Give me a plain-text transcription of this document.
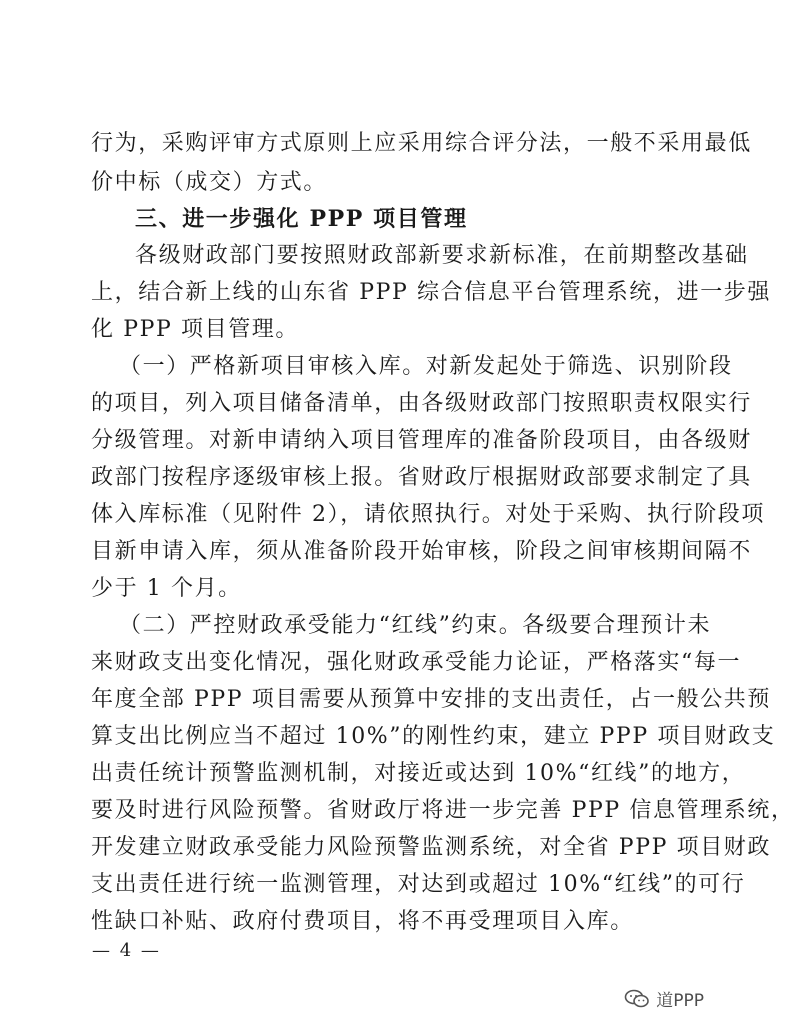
行为，采购评审方式原则上应采用综合评分法，一般不采用最低
价中标（成交）方式。
三、进一步强化 PPP 项目管理
各级财政部门要按照财政部新要求新标准，在前期整改基础
上，结合新上线的山东省 PPP 综合信息平台管理系统，进一步强
化 PPP 项目管理。
（一）严格新项目审核入库。对新发起处于筛选、识别阶段
的项目，列入项目储备清单，由各级财政部门按照职责权限实行
分级管理。对新申请纳入项目管理库的准备阶段项目，由各级财
政部门按程序逐级审核上报。省财政厅根据财政部要求制定了具
体入库标准（见附件 2），请依照执行。对处于采购、执行阶段项
目新申请入库，须从准备阶段开始审核，阶段之间审核期间隔不
少于 1 个月。
（二）严控财政承受能力“红线”约束。各级要合理预计未
来财政支出变化情况，强化财政承受能力论证，严格落实“每一
年度全部 PPP 项目需要从预算中安排的支出责任，占一般公共预
算支出比例应当不超过 10%”的刚性约束，建立 PPP 项目财政支
出责任统计预警监测机制，对接近或达到 10%“红线”的地方，
要及时进行风险预警。省财政厅将进一步完善 PPP 信息管理系统，
开发建立财政承受能力风险预警监测系统，对全省 PPP 项目财政
支出责任进行统一监测管理，对达到或超过 10%“红线”的可行
性缺口补贴、政府付费项目，将不再受理项目入库。
— 4 —
道PPP
